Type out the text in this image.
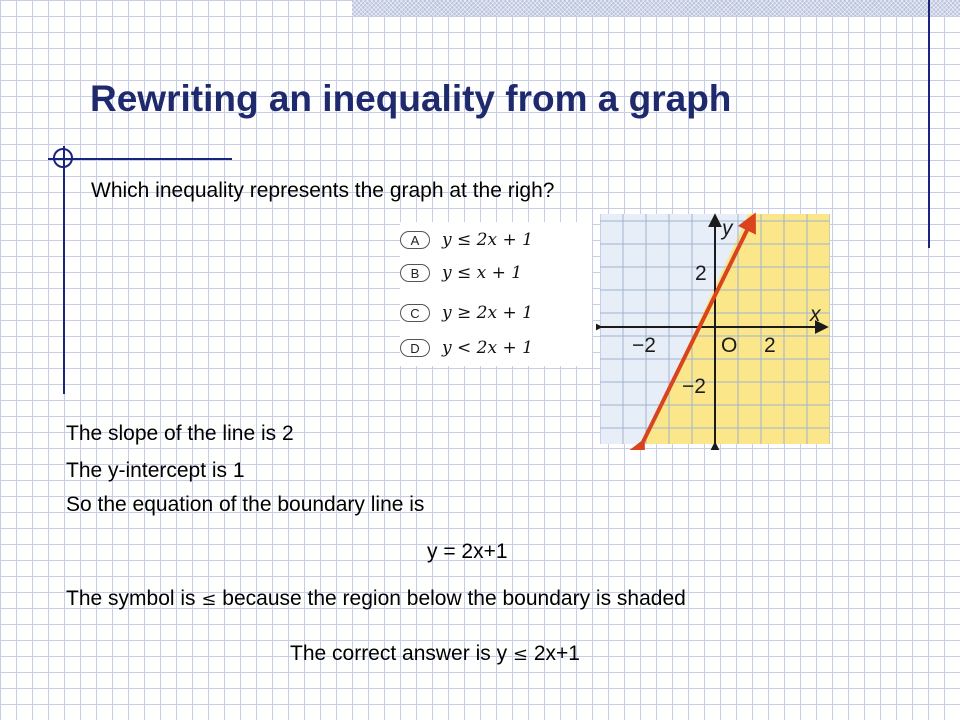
Rewriting an inequality from a graph
Which inequality represents the graph at the righ?
A	y ≤ 2x + 1
B	y ≤ x + 1
C	y ≥ 2x + 1
D	y < 2x + 1
y
x
O
−2	2
2
−2
The slope of the line is 2
The y-intercept is 1
So the equation of the boundary line is
y = 2x+1
The symbol is ≤ because the region below the boundary is shaded
The correct answer is y ≤ 2x+1
